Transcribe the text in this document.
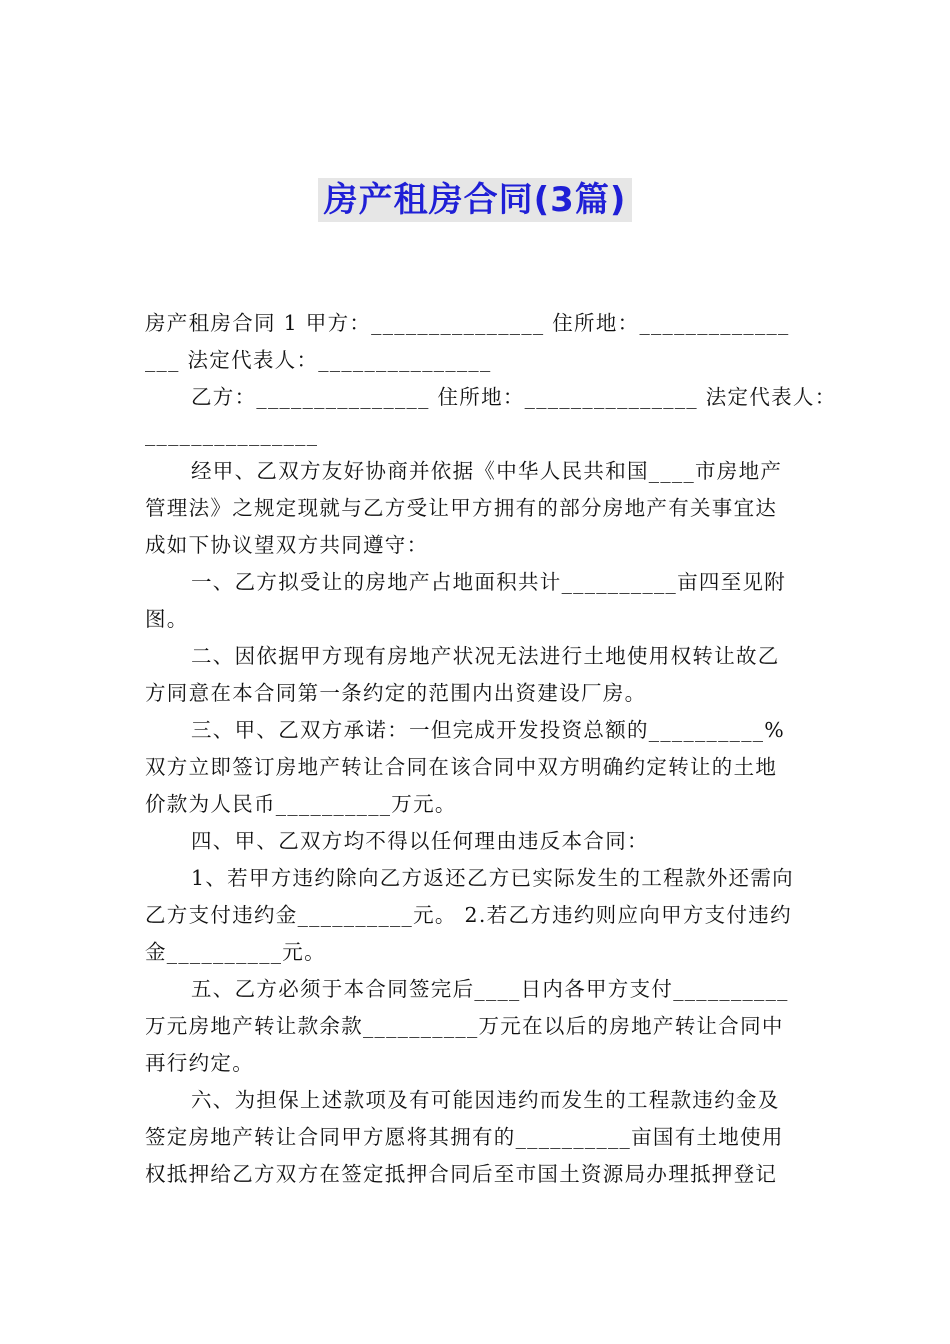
房产租房合同(3篇)
房产租房合同 1 甲方：_______________ 住所地：_____________
___ 法定代表人：_______________
乙方：_______________ 住所地：_______________ 法定代表人：
_______________
经甲、乙双方友好协商并依据《中华人民共和国____市房地产
管理法》之规定现就与乙方受让甲方拥有的部分房地产有关事宜达
成如下协议望双方共同遵守：
一、乙方拟受让的房地产占地面积共计__________亩四至见附
图。
二、因依据甲方现有房地产状况无法进行土地使用权转让故乙
方同意在本合同第一条约定的范围内出资建设厂房。
三、甲、乙双方承诺：一但完成开发投资总额的__________%
双方立即签订房地产转让合同在该合同中双方明确约定转让的土地
价款为人民币__________万元。
四、甲、乙双方均不得以任何理由违反本合同：
1、若甲方违约除向乙方返还乙方已实际发生的工程款外还需向
乙方支付违约金__________元。 2.若乙方违约则应向甲方支付违约
金__________元。
五、乙方必须于本合同签完后____日内各甲方支付__________
万元房地产转让款余款__________万元在以后的房地产转让合同中
再行约定。
六、为担保上述款项及有可能因违约而发生的工程款违约金及
签定房地产转让合同甲方愿将其拥有的__________亩国有土地使用
权抵押给乙方双方在签定抵押合同后至市国土资源局办理抵押登记
